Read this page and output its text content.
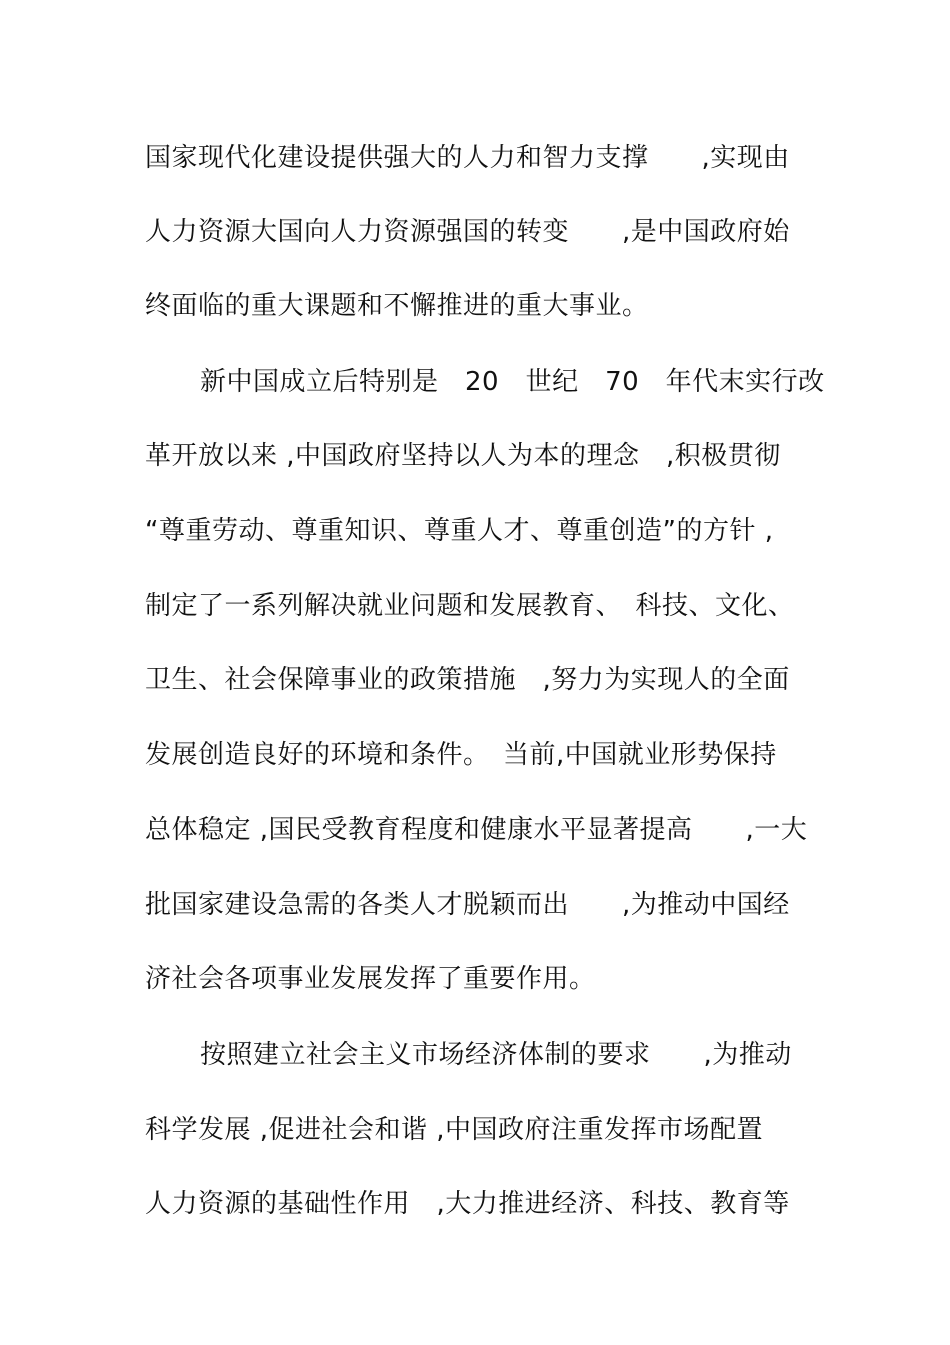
国家现代化建设提供强大的人力和智力支撑　　,实现由
人力资源大国向人力资源强国的转变　　,是中国政府始
终面临的重大课题和不懈推进的重大事业。
新中国成立后特别是　20　世纪　70　年代末实行改
革开放以来 ,中国政府坚持以人为本的理念　,积极贯彻
“尊重劳动、尊重知识、尊重人才、尊重创造”的方针 ,
制定了一系列解决就业问题和发展教育、　科技、文化、
卫生、社会保障事业的政策措施　,努力为实现人的全面
发展创造良好的环境和条件。　当前,中国就业形势保持
总体稳定 ,国民受教育程度和健康水平显著提高　　,一大
批国家建设急需的各类人才脱颖而出　　,为推动中国经
济社会各项事业发展发挥了重要作用。
按照建立社会主义市场经济体制的要求　　,为推动
科学发展 ,促进社会和谐 ,中国政府注重发挥市场配置
人力资源的基础性作用　,大力推进经济、科技、教育等
